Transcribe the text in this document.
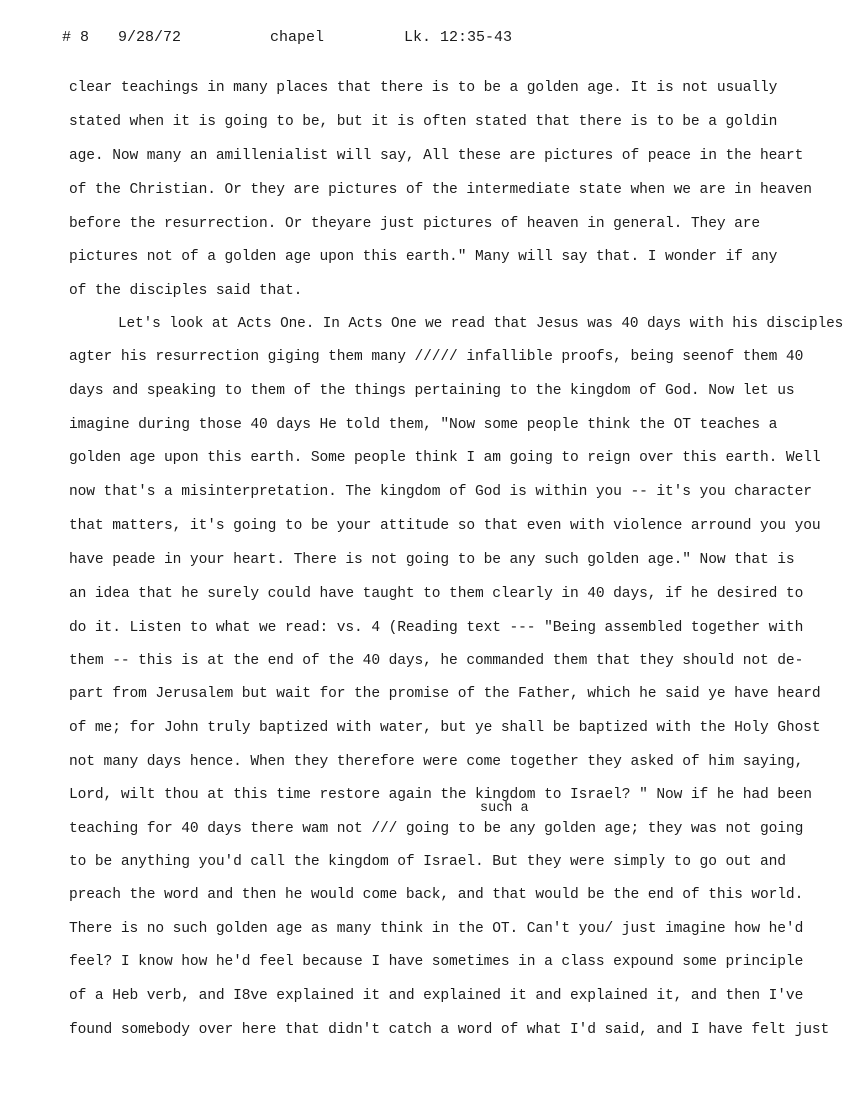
# 8 9/28/72	chapel	Lk. 12:35-43
clear teachings in many places that there is to be a golden age. It is not usually
stated when it is going to be, but it is often stated that there is to be a goldin
age. Now many an amillenialist will say, All these are pictures of peace in the heart
of the Christian. Or they are pictures of the intermediate state when we are in heaven
before the resurrection. Or theyare just pictures of heaven in general. They are
pictures not of a golden age upon this earth." Many will say that. I wonder if any
of the disciples said that.
Let's look at Acts One. In Acts One we read that Jesus was 40 days with his disciples
agter his resurrection giging them many ///// infallible proofs, being seenof them 40
days and speaking to them of the things pertaining to the kingdom of God. Now let us
imagine during those 40 days He told them, "Now some people think the OT teaches a
golden age upon this earth. Some people think I am going to reign over this earth. Well
now that's a misinterpretation. The kingdom of God is within you -- it's you character
that matters, it's going to be your attitude so that even with violence arround you you
have peade in your heart. There is not going to be any such golden age." Now that is
an idea that he surely could have taught to them clearly in 40 days, if he desired to
do it. Listen to what we read: vs. 4 (Reading text --- "Being assembled together with
them -- this is at the end of the 40 days, he commanded them that they should not de-
part from Jerusalem but wait for the promise of the Father, which he said ye have heard
of me; for John truly baptized with water, but ye shall be baptized with the Holy Ghost
not many days hence. When they therefore were come together they asked of him saying,
Lord, wilt thou at this time restore again the kingdom to Israel? " Now if he had been
such a
teaching for 40 days there wam not /// going to be any golden age; they was not going
to be anything you'd call the kingdom of Israel. But they were simply to go out and
preach the word and then he would come back, and that would be the end of this world.
There is no such golden age as many think in the OT. Can't you/ just imagine how he'd
feel? I know how he'd feel because I have sometimes in a class expound some principle
of a Heb verb, and I8ve explained it and explained it and explained it, and then I've
found somebody over here that didn't catch a word of what I'd said, and I have felt just
